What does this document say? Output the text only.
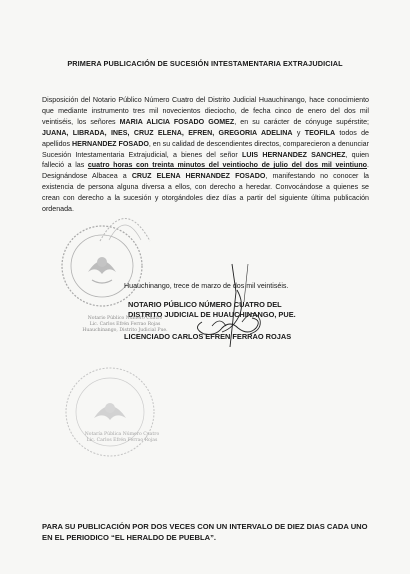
PRIMERA PUBLICACIÓN DE SUCESIÓN INTESTAMENTARIA EXTRAJUDICIAL
Disposición del Notario Público Número Cuatro del Distrito Judicial Huauchinango, hace conocimiento que mediante instrumento tres mil novecientos dieciocho, de fecha cinco de enero del dos mil veintiséis, los señores MARIA ALICIA FOSADO GOMEZ, en su carácter de cónyuge supérstite; JUANA, LIBRADA, INES, CRUZ ELENA, EFREN, GREGORIA ADELINA y TEOFILA todos de apellidos HERNANDEZ FOSADO, en su calidad de descendientes directos, comparecieron a denunciar Sucesión Intestamentaria Extrajudicial, a bienes del señor LUIS HERNANDEZ SANCHEZ, quien falleció a las cuatro horas con treinta minutos del veintiocho de julio del dos mil veintiuno. Designándose Albacea a CRUZ ELENA HERNANDEZ FOSADO, manifestando no conocer la existencia de persona alguna diversa a ellos, con derecho a heredar. Convocándose a quienes se crean con derecho a la sucesión y otorgándoles diez días a partir del siguiente última publicación ordenada.
Huauchinango, trece de marzo de dos mil veintiséis.
NOTARIO PÚBLICO NÚMERO CUATRO DEL
DISTRITO JUDICIAL DE HUAUCHINANGO, PUE.
Notario Público Número Cuatro
Lic. Carlos Efrén Ferrao Rojas
Huauchinango, Distrito Judicial Pue.
LICENCIADO CARLOS EFREN FERRAO ROJAS
Notaría Pública Número Cuatro
Lic. Carlos Efrén Ferrao Rojas
PARA SU PUBLICACIÓN POR DOS VECES CON UN INTERVALO DE DIEZ DIAS CADA UNO EN EL PERIODICO “EL HERALDO DE PUEBLA”.
